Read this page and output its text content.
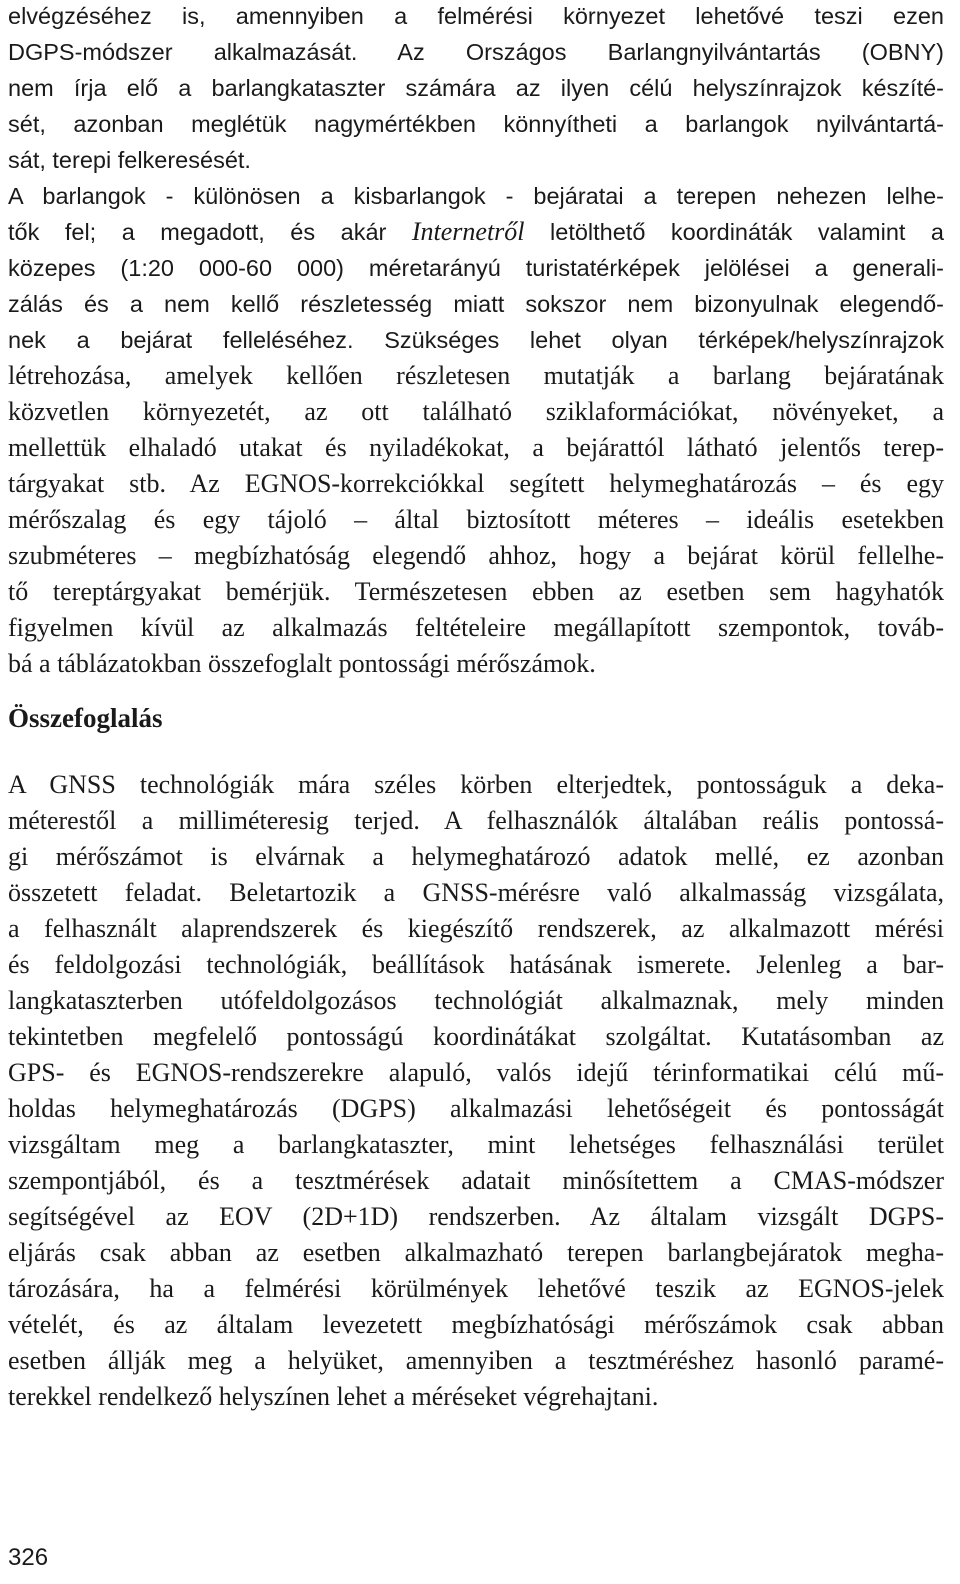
elvégzéséhez is, amennyiben a felmérési környezet lehetővé teszi ezen
DGPS-módszer alkalmazását. Az Országos Barlangnyilvántartás (OBNY)
nem írja elő a barlangkataszter számára az ilyen célú helyszínrajzok készíté-
sét, azonban meglétük nagymértékben könnyítheti a barlangok nyilvántartá-
sát, terepi felkeresését.
A barlangok - különösen a kisbarlangok - bejáratai a terepen nehezen lelhe-
tők fel; a megadott, és akár Internetről letölthető koordináták valamint a
közepes (1:20 000-60 000) méretarányú turistatérképek jelölései a generali-
zálás és a nem kellő részletesség miatt sokszor nem bizonyulnak elegendő-
nek a bejárat felleléséhez. Szükséges lehet olyan térképek/helyszínrajzok
létrehozása, amelyek kellően részletesen mutatják a barlang bejáratának
közvetlen környezetét, az ott található sziklaformációkat, növényeket, a
mellettük elhaladó utakat és nyiladékokat, a bejárattól látható jelentős terep-
tárgyakat stb. Az EGNOS-korrekciókkal segített helymeghatározás – és egy
mérőszalag és egy tájoló – által biztosított méteres – ideális esetekben
szubméteres – megbízhatóság elegendő ahhoz, hogy a bejárat körül fellelhe-
tő tereptárgyakat bemérjük. Természetesen ebben az esetben sem hagyhatók
figyelmen kívül az alkalmazás feltételeire megállapított szempontok, továb-
bá a táblázatokban összefoglalt pontossági mérőszámok.
Összefoglalás
A GNSS technológiák mára széles körben elterjedtek, pontosságuk a deka-
méterestől a milliméteresig terjed. A felhasználók általában reális pontossá-
gi mérőszámot is elvárnak a helymeghatározó adatok mellé, ez azonban
összetett feladat. Beletartozik a GNSS-mérésre való alkalmasság vizsgálata,
a felhasznált alaprendszerek és kiegészítő rendszerek, az alkalmazott mérési
és feldolgozási technológiák, beállítások hatásának ismerete. Jelenleg a bar-
langkataszterben utófeldolgozásos technológiát alkalmaznak, mely minden
tekintetben megfelelő pontosságú koordinátákat szolgáltat. Kutatásomban az
GPS- és EGNOS-rendszerekre alapuló, valós idejű térinformatikai célú mű-
holdas helymeghatározás (DGPS) alkalmazási lehetőségeit és pontosságát
vizsgáltam meg a barlangkataszter, mint lehetséges felhasználási terület
szempontjából, és a tesztmérések adatait minősítettem a CMAS-módszer
segítségével az EOV (2D+1D) rendszerben. Az általam vizsgált DGPS-
eljárás csak abban az esetben alkalmazható terepen barlangbejáratok megha-
tározására, ha a felmérési körülmények lehetővé teszik az EGNOS-jelek
vételét, és az általam levezetett megbízhatósági mérőszámok csak abban
esetben állják meg a helyüket, amennyiben a tesztméréshez hasonló paramé-
terekkel rendelkező helyszínen lehet a méréseket végrehajtani.
326
